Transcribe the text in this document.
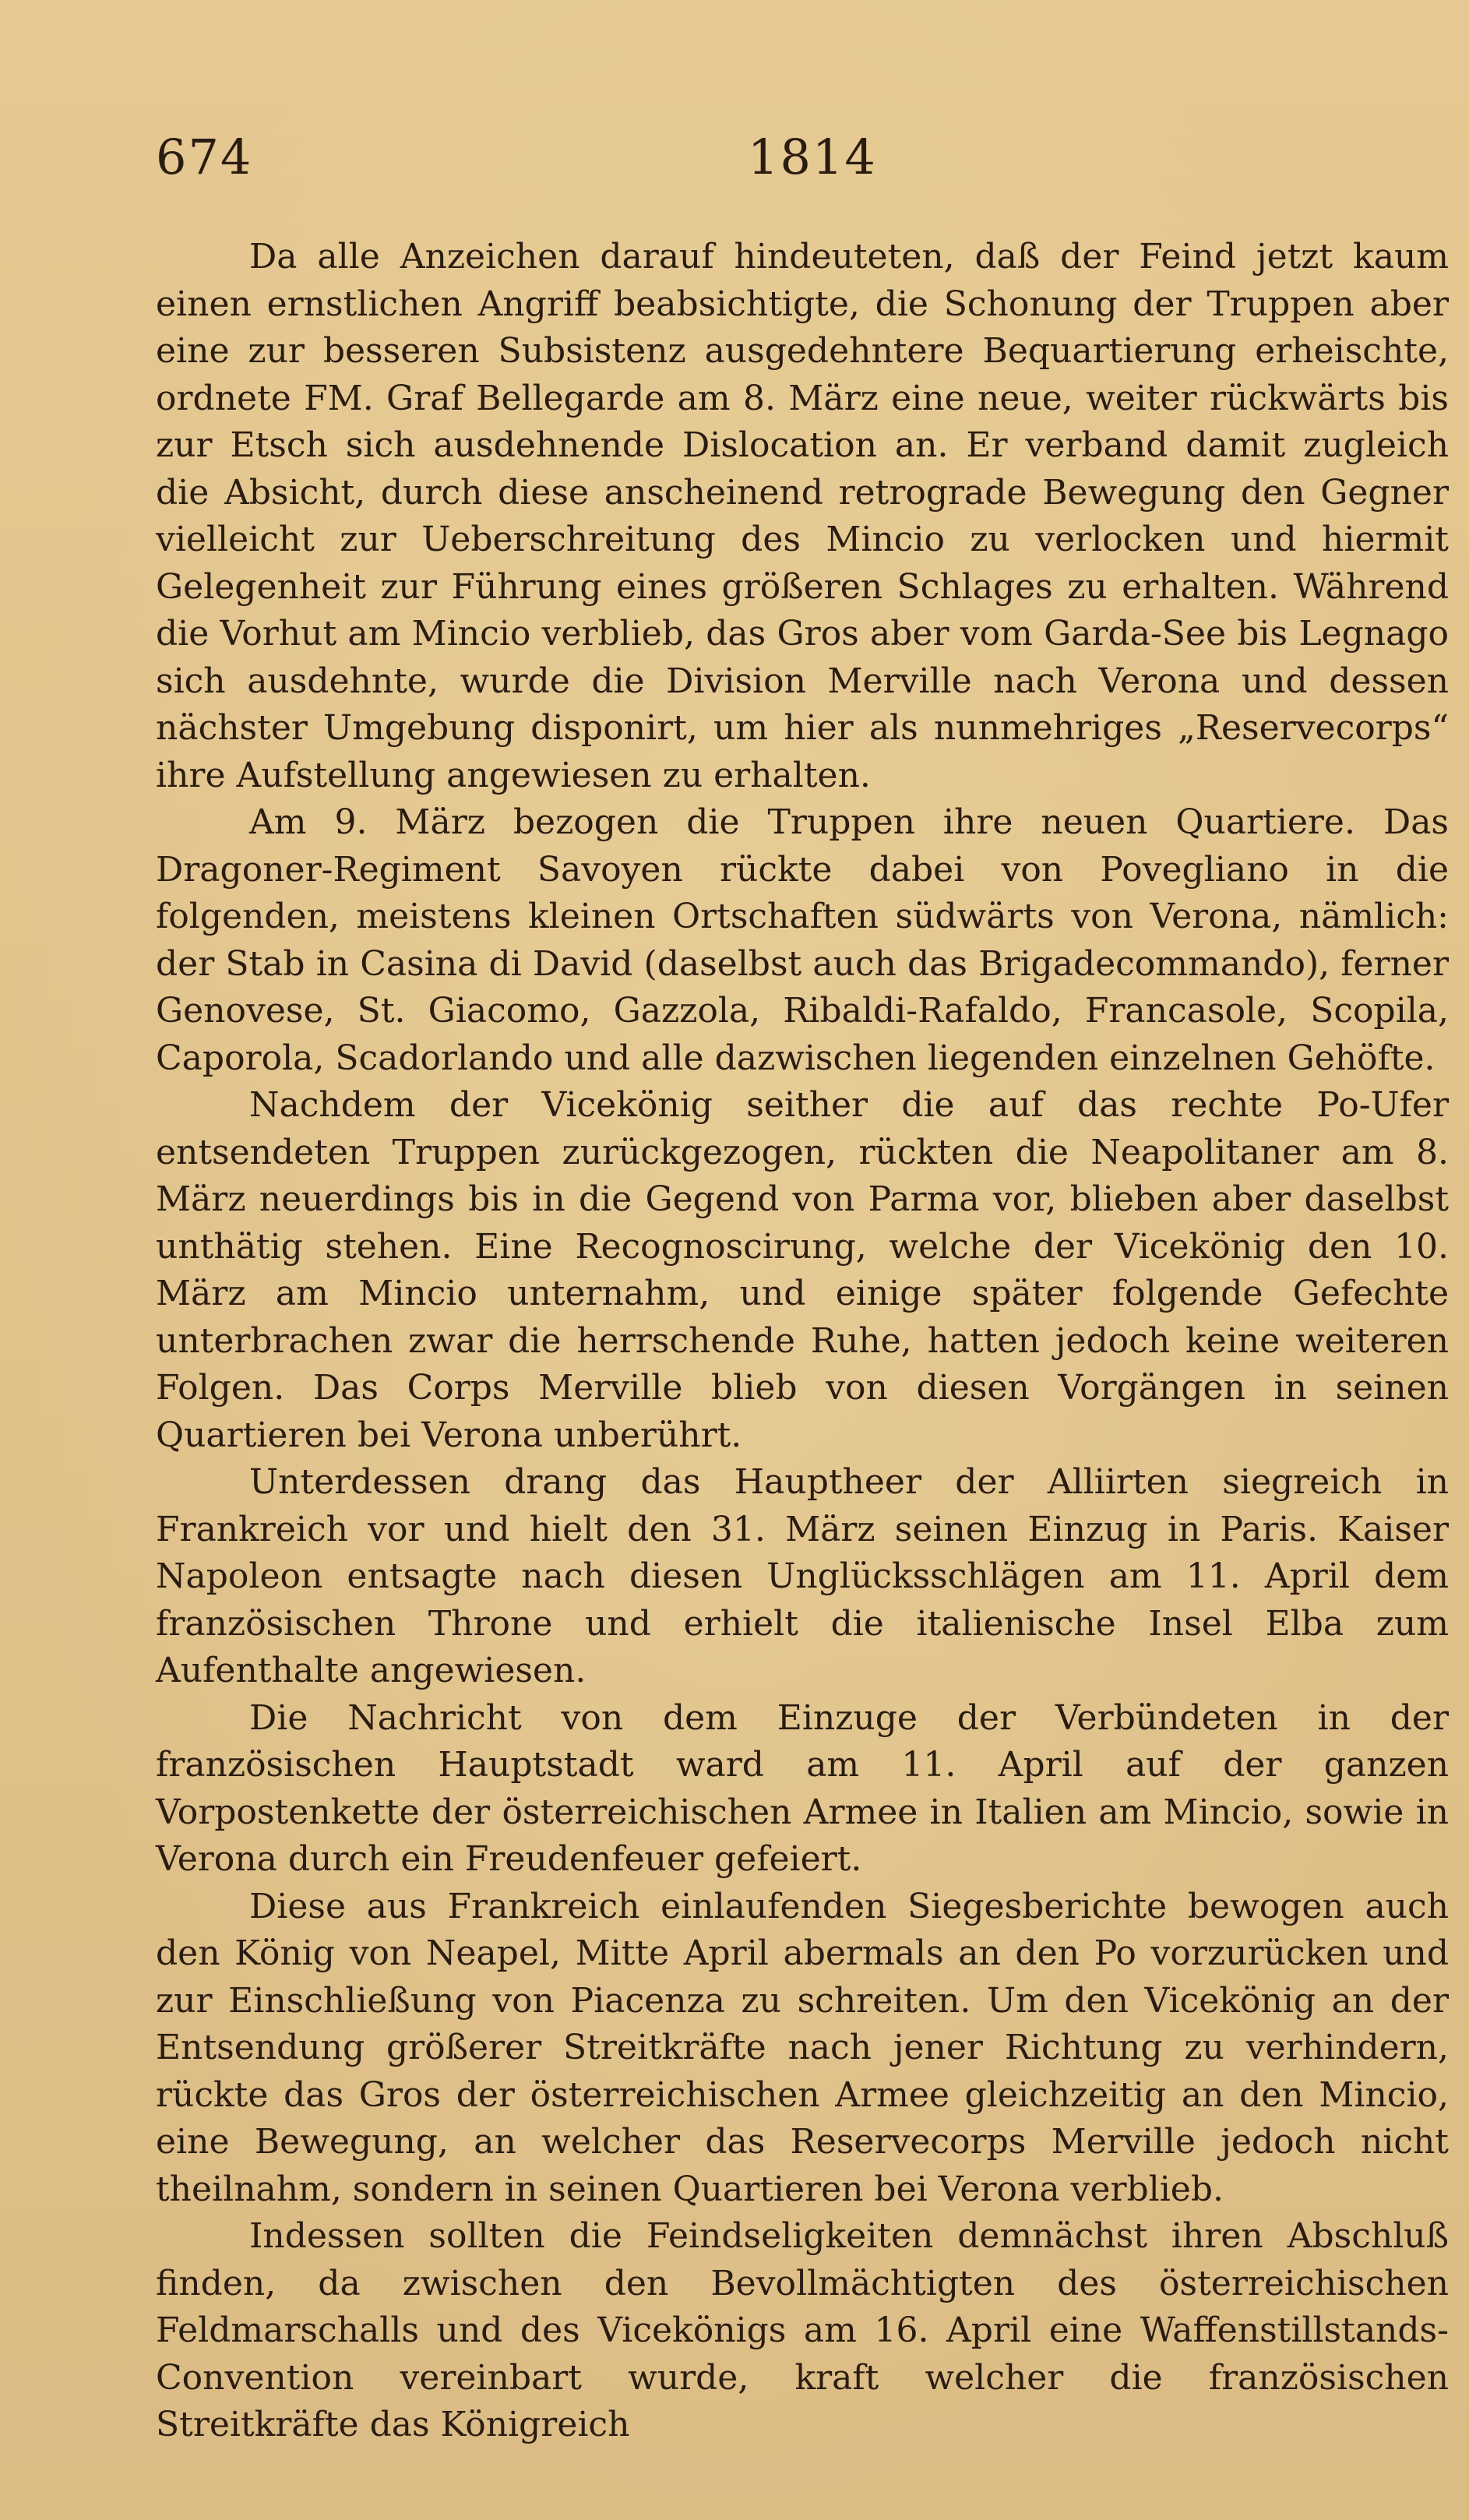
674	1814

Da alle Anzeichen darauf hindeuteten, daß der Feind jetzt kaum einen ernstlichen Angriff beabsichtigte, die Schonung der Truppen aber eine zur besseren Subsistenz ausgedehntere Bequartierung erheischte, ordnete FM. Graf Bellegarde am 8. März eine neue, weiter rückwärts bis zur Etsch sich ausdehnende Dislocation an. Er verband damit zugleich die Absicht, durch diese anscheinend retrograde Bewegung den Gegner vielleicht zur Ueberschreitung des Mincio zu verlocken und hiermit Gelegenheit zur Führung eines größeren Schlages zu erhalten. Während die Vorhut am Mincio verblieb, das Gros aber vom Garda-See bis Legnago sich ausdehnte, wurde die Division Merville nach Verona und dessen nächster Umgebung disponirt, um hier als nunmehriges „Reservecorps“ ihre Aufstellung angewiesen zu erhalten.

Am 9. März bezogen die Truppen ihre neuen Quartiere. Das Dragoner-Regiment Savoyen rückte dabei von Povegliano in die folgenden, meistens kleinen Ortschaften südwärts von Verona, nämlich: der Stab in Casina di David (daselbst auch das Brigadecommando), ferner Genovese, St. Giacomo, Gazzola, Ribaldi-Rafaldo, Francasole, Scopila, Caporola, Scadorlando und alle dazwischen liegenden einzelnen Gehöfte.

Nachdem der Vicekönig seither die auf das rechte Po-Ufer entsendeten Truppen zurückgezogen, rückten die Neapolitaner am 8. März neuerdings bis in die Gegend von Parma vor, blieben aber daselbst unthätig stehen. Eine Recognoscirung, welche der Vicekönig den 10. März am Mincio unternahm, und einige später folgende Gefechte unterbrachen zwar die herrschende Ruhe, hatten jedoch keine weiteren Folgen. Das Corps Merville blieb von diesen Vorgängen in seinen Quartieren bei Verona unberührt.

Unterdessen drang das Hauptheer der Alliirten siegreich in Frankreich vor und hielt den 31. März seinen Einzug in Paris. Kaiser Napoleon entsagte nach diesen Unglücksschlägen am 11. April dem französischen Throne und erhielt die italienische Insel Elba zum Aufenthalte angewiesen.

Die Nachricht von dem Einzuge der Verbündeten in der französischen Hauptstadt ward am 11. April auf der ganzen Vorpostenkette der österreichischen Armee in Italien am Mincio, sowie in Verona durch ein Freudenfeuer gefeiert.

Diese aus Frankreich einlaufenden Siegesberichte bewogen auch den König von Neapel, Mitte April abermals an den Po vorzurücken und zur Einschließung von Piacenza zu schreiten. Um den Vicekönig an der Entsendung größerer Streitkräfte nach jener Richtung zu verhindern, rückte das Gros der österreichischen Armee gleichzeitig an den Mincio, eine Bewegung, an welcher das Reservecorps Merville jedoch nicht theilnahm, sondern in seinen Quartieren bei Verona verblieb.

Indessen sollten die Feindseligkeiten demnächst ihren Abschluß finden, da zwischen den Bevollmächtigten des österreichischen Feldmarschalls und des Vicekönigs am 16. April eine Waffenstillstands-Convention vereinbart wurde, kraft welcher die französischen Streitkräfte das Königreich
